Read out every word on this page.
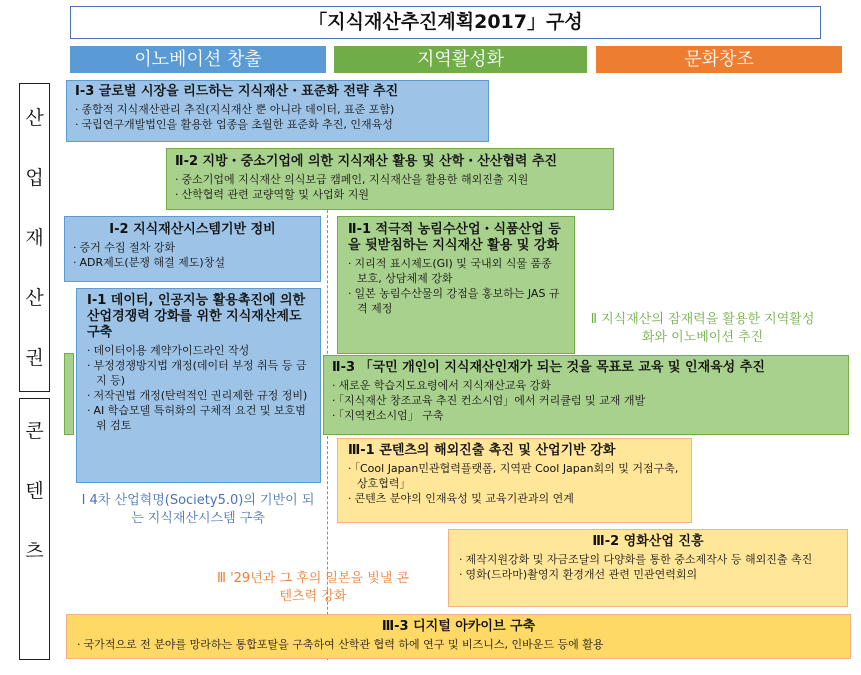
「지식재산추진계획2017」구성
이노베이션 창출	지역활성화	문화창조
산
업
재
산
권
콘
텐
츠
Ⅰ-3 글로벌 시장을 리드하는 지식재산・표준화 전략 추진
· 종합적 지식재산관리 추진(지식재산 뿐 아니라 데이터, 표준 포함)
· 국립연구개발법인을 활용한 업종을 초월한 표준화 추진, 인재육성
Ⅱ-2 지방・중소기업에 의한 지식재산 활용 및 산학・산산협력 추진
· 중소기업에 지식재산 의식보급 캠페인, 지식재산을 활용한 해외진출 지원
· 산학협력 관련 교량역할 및 사업화 지원
Ⅰ-2 지식재산시스템기반 정비
· 증거 수집 절차 강화
· ADR제도(분쟁 해결 제도)창설
Ⅱ-1 적극적 농림수산업・식품산업 등을 뒷받침하는 지식재산 활용 및 강화
· 지리적 표시제도(GI) 및 국내외 식물 품종 보호, 상담체제 강화
· 일본 농림수산물의 강점을 홍보하는 JAS 규격 제정
Ⅱ 지식재산의 잠재력을 활용한 지역활성화와 이노베이션 추진
Ⅱ-3 「국민 개인이 지식재산인재가 되는 것을 목표로 교육 및 인재육성 추진
· 새로운 학습지도요령에서 지식재산교육 강화
· 「지식재산 창조교육 추진 컨소시엄」에서 커리큘럼 및 교재 개발
· 「지역컨소시엄」 구축
Ⅰ-1 데이터, 인공지능 활용촉진에 의한 산업경쟁력 강화를 위한 지식재산제도 구축
· 데이터이용 계약가이드라인 작성
· 부정경쟁방지법 개정(데이터 부정 취득 등 금지 등)
· 저작권법 개정(탄력적인 권리제한 규정 정비)
· AI 학습모델 특허화의 구체적 요건 및 보호범위 검토
Ⅰ 4차 산업혁명(Society5.0)의 기반이 되는 지식재산시스템 구축
Ⅲ-1 콘텐츠의 해외진출 촉진 및 산업기반 강화
· 「Cool Japan민관협력플랫폼, 지역판 Cool Japan회의 및 거점구축, 상호협력」
· 콘텐츠 분야의 인재육성 및 교육기관과의 연계
Ⅲ-2 영화산업 진흥
· 제작지원강화 및 자금조달의 다양화를 통한 중소제작사 등 해외진출 촉진
· 영화(드라마)촬영지 환경개선 관련 민관연력회의
Ⅲ '29년과 그 후의 일본을 빛낼 콘텐츠력 강화
Ⅲ-3 디지털 아카이브 구축
· 국가적으로 전 분야를 망라하는 통합포탈을 구축하여 산학관 협력 하에 연구 및 비즈니스, 인바운드 등에 활용
